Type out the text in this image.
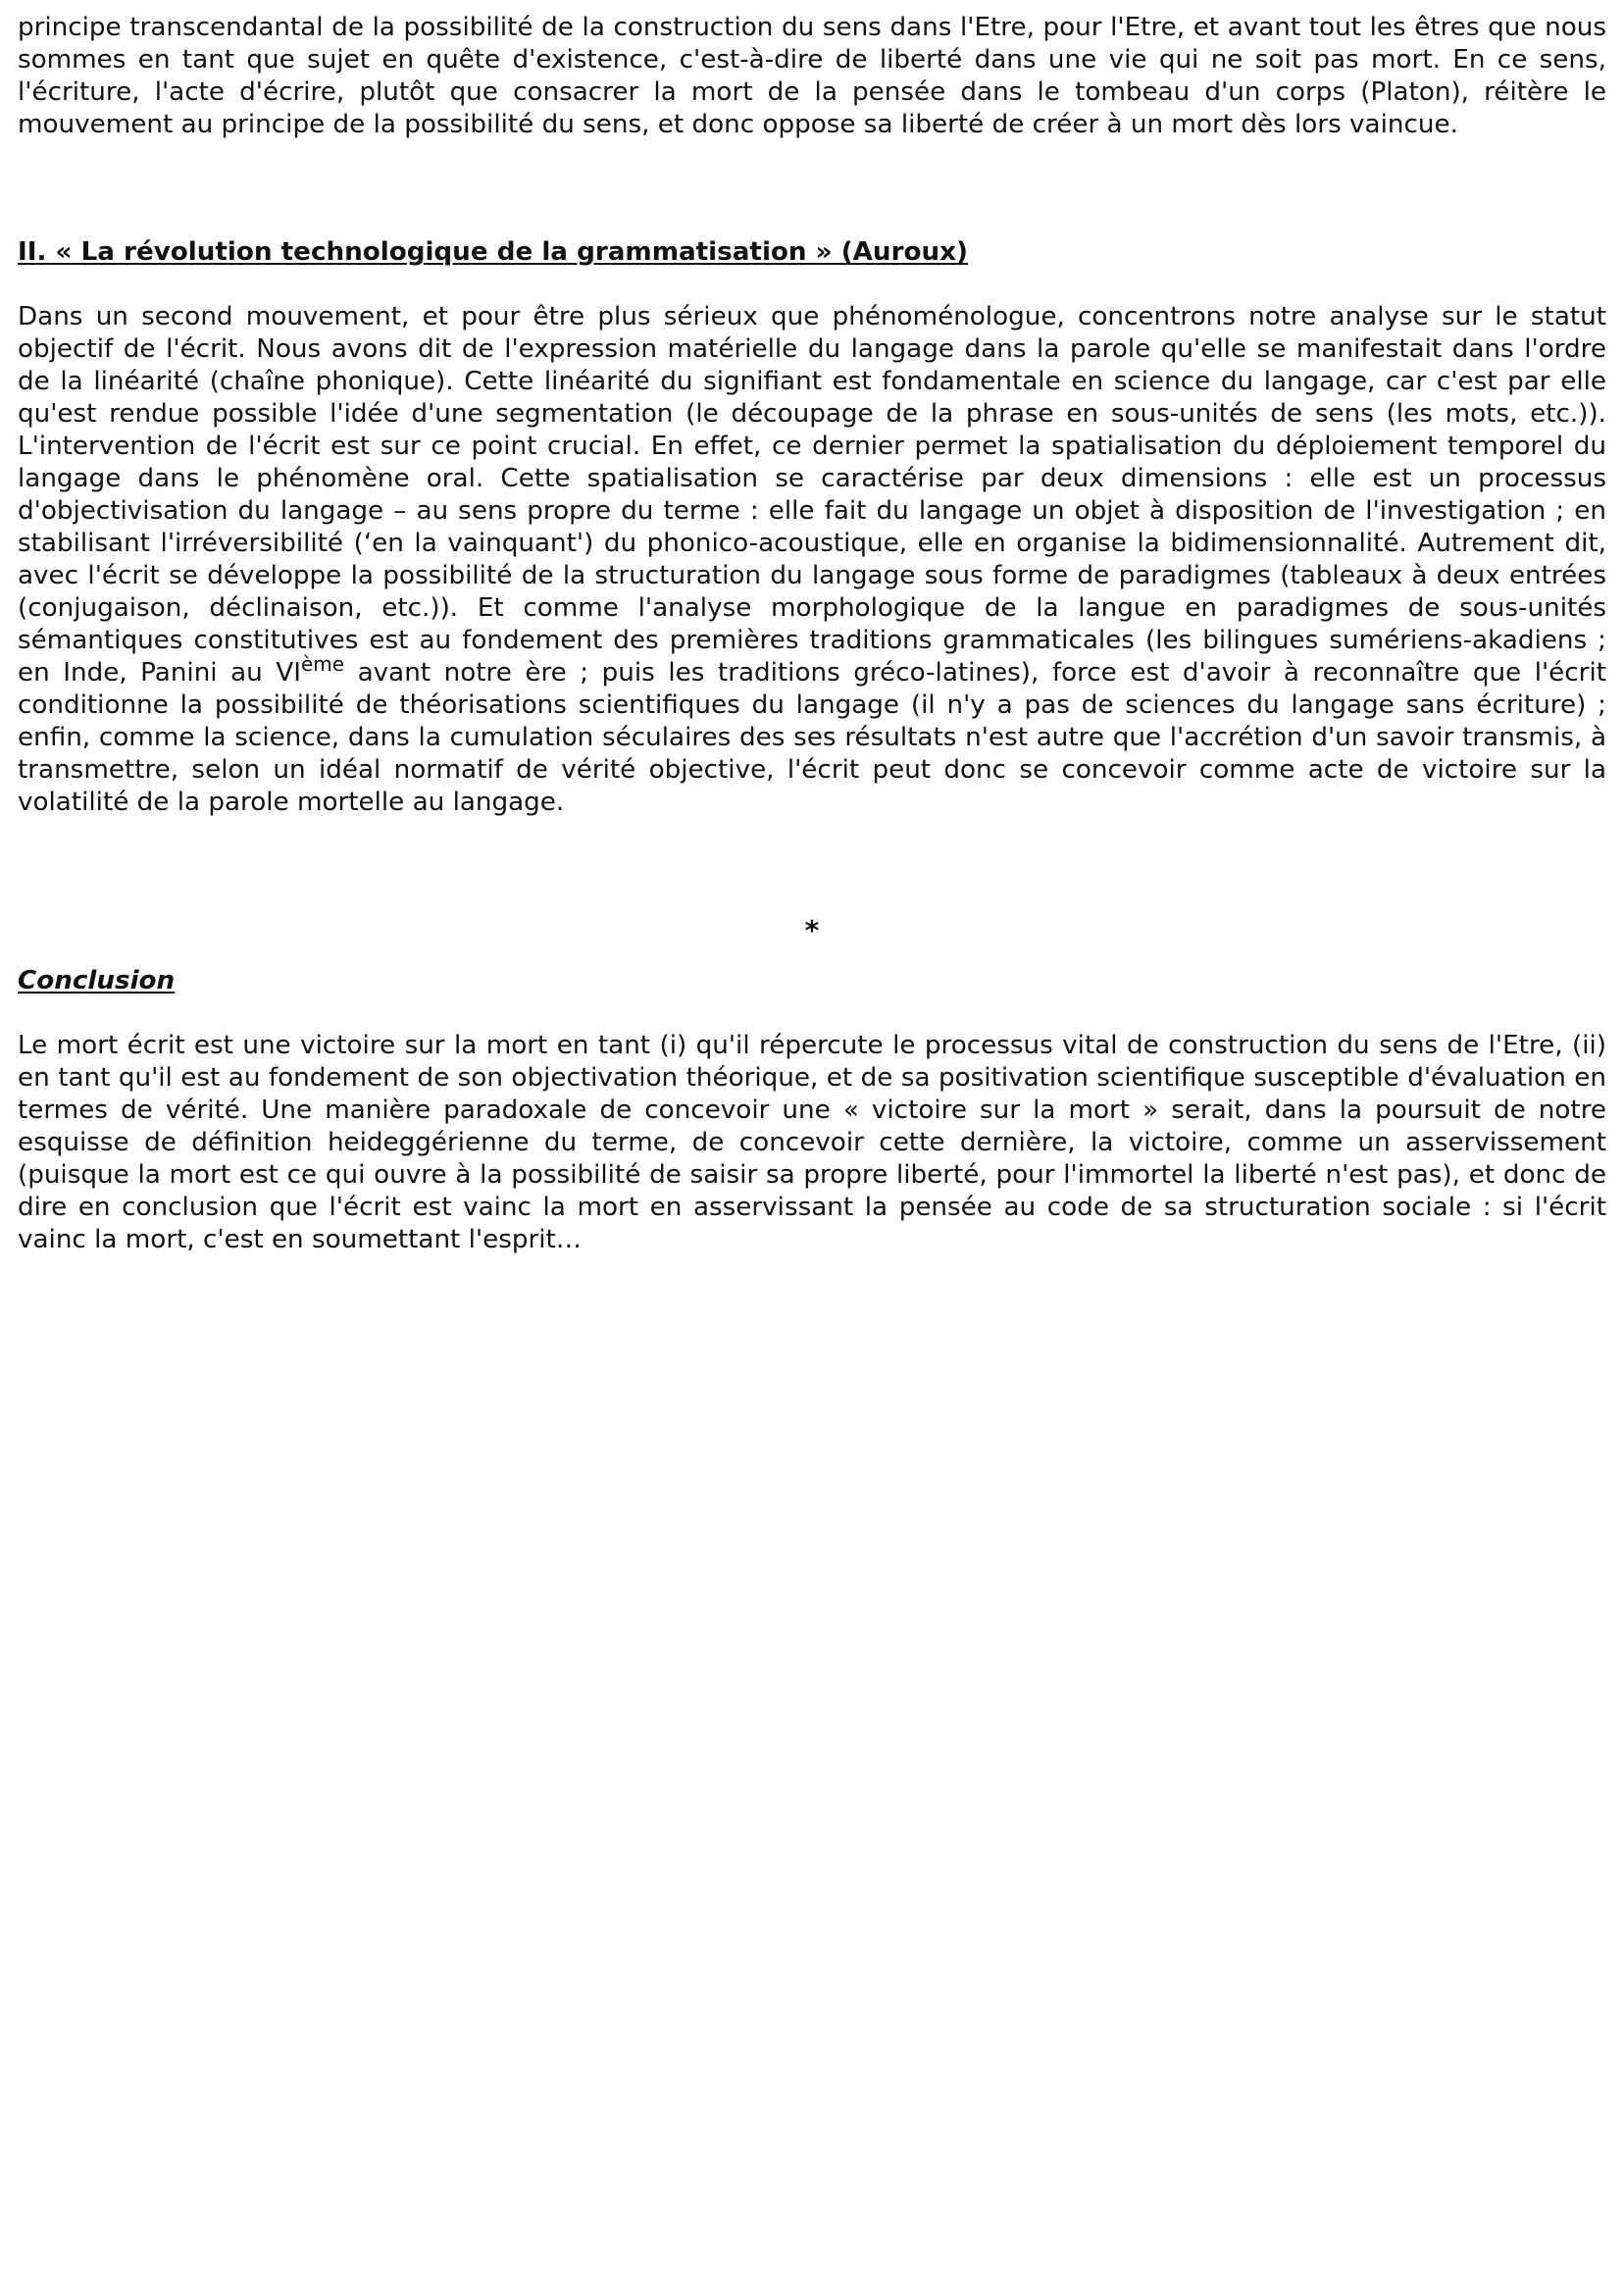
principe transcendantal de la possibilité de la construction du sens dans l'Etre, pour l'Etre, et avant tout les êtres que nous sommes en tant que sujet en quête d'existence, c'est-à-dire de liberté dans une vie qui ne soit pas mort. En ce sens, l'écriture, l'acte d'écrire, plutôt que consacrer la mort de la pensée dans le tombeau d'un corps (Platon), réitère le mouvement au principe de la possibilité du sens, et donc oppose sa liberté de créer à un mort dès lors vaincue.

II. « La révolution technologique de la grammatisation » (Auroux)

Dans un second mouvement, et pour être plus sérieux que phénoménologue, concentrons notre analyse sur le statut objectif de l'écrit. Nous avons dit de l'expression matérielle du langage dans la parole qu'elle se manifestait dans l'ordre de la linéarité (chaîne phonique). Cette linéarité du signifiant est fondamentale en science du langage, car c'est par elle qu'est rendue possible l'idée d'une segmentation (le découpage de la phrase en sous-unités de sens (les mots, etc.)). L'intervention de l'écrit est sur ce point crucial. En effet, ce dernier permet la spatialisation du déploiement temporel du langage dans le phénomène oral. Cette spatialisation se caractérise par deux dimensions : elle est un processus d'objectivisation du langage – au sens propre du terme : elle fait du langage un objet à disposition de l'investigation ; en stabilisant l'irréversibilité (‘en la vainquant') du phonico-acoustique, elle en organise la bidimensionnalité. Autrement dit, avec l'écrit se développe la possibilité de la structuration du langage sous forme de paradigmes (tableaux à deux entrées (conjugaison, déclinaison, etc.)). Et comme l'analyse morphologique de la langue en paradigmes de sous-unités sémantiques constitutives est au fondement des premières traditions grammaticales (les bilingues sumériens-akadiens ; en Inde, Panini au VIème avant notre ère ; puis les traditions gréco-latines), force est d'avoir à reconnaître que l'écrit conditionne la possibilité de théorisations scientifiques du langage (il n'y a pas de sciences du langage sans écriture) ; enfin, comme la science, dans la cumulation séculaires des ses résultats n'est autre que l'accrétion d'un savoir transmis, à transmettre, selon un idéal normatif de vérité objective, l'écrit peut donc se concevoir comme acte de victoire sur la volatilité de la parole mortelle au langage.

*
Conclusion

Le mort écrit est une victoire sur la mort en tant (i) qu'il répercute le processus vital de construction du sens de l'Etre, (ii) en tant qu'il est au fondement de son objectivation théorique, et de sa positivation scientifique susceptible d'évaluation en termes de vérité. Une manière paradoxale de concevoir une « victoire sur la mort » serait, dans la poursuit de notre esquisse de définition heideggérienne du terme, de concevoir cette dernière, la victoire, comme un asservissement (puisque la mort est ce qui ouvre à la possibilité de saisir sa propre liberté, pour l'immortel la liberté n'est pas), et donc de dire en conclusion que l'écrit est vainc la mort en asservissant la pensée au code de sa structuration sociale : si l'écrit vainc la mort, c'est en soumettant l'esprit…
